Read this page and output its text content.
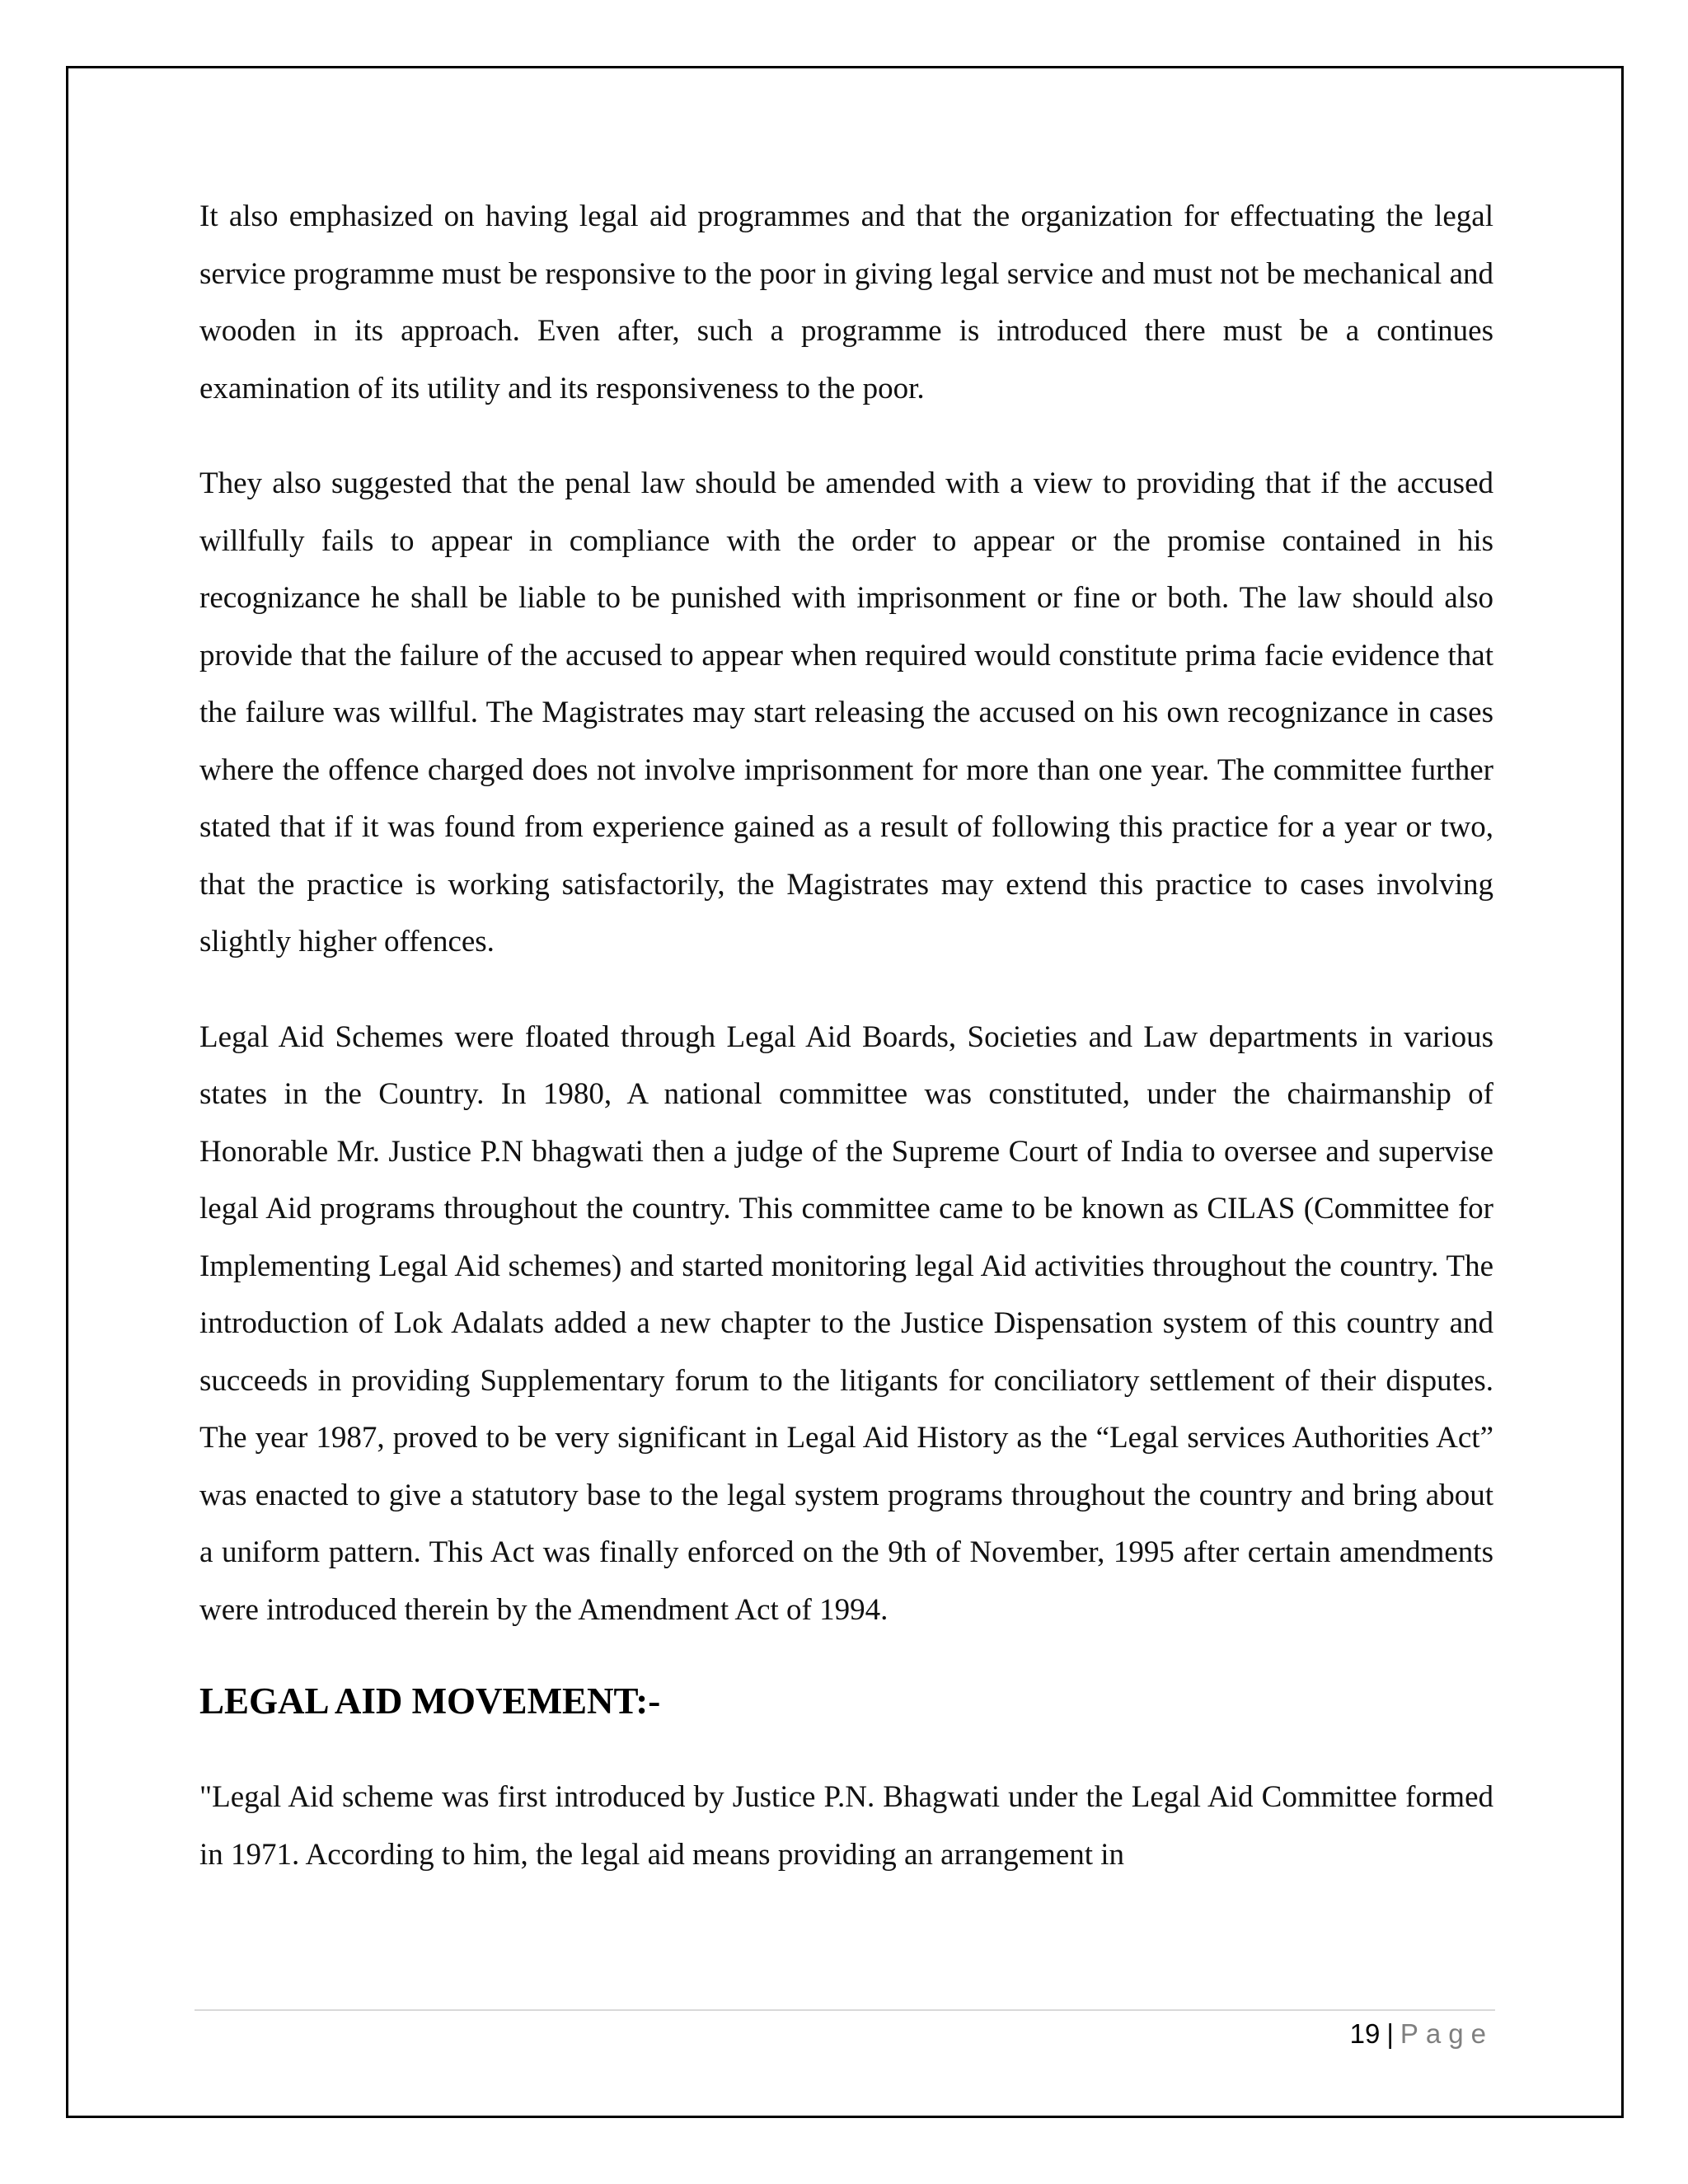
It also emphasized on having legal aid programmes and that the organization for effectuating the legal service programme must be responsive to the poor in giving legal service and must not be mechanical and wooden in its approach. Even after, such a programme is introduced there must be a continues examination of its utility and its responsiveness to the poor.

They also suggested that the penal law should be amended with a view to providing that if the accused willfully fails to appear in compliance with the order to appear or the promise contained in his recognizance he shall be liable to be punished with imprisonment or fine or both. The law should also provide that the failure of the accused to appear when required would constitute prima facie evidence that the failure was willful. The Magistrates may start releasing the accused on his own recognizance in cases where the offence charged does not involve imprisonment for more than one year. The committee further stated that if it was found from experience gained as a result of following this practice for a year or two, that the practice is working satisfactorily, the Magistrates may extend this practice to cases involving slightly higher offences.

Legal Aid Schemes were floated through Legal Aid Boards, Societies and Law departments in various states in the Country. In 1980, A national committee was constituted, under the chairmanship of Honorable Mr. Justice P.N bhagwati then a judge of the Supreme Court of India to oversee and supervise legal Aid programs throughout the country. This committee came to be known as CILAS (Committee for Implementing Legal Aid schemes) and started monitoring legal Aid activities throughout the country. The introduction of Lok Adalats added a new chapter to the Justice Dispensation system of this country and succeeds in providing Supplementary forum to the litigants for conciliatory settlement of their disputes. The year 1987, proved to be very significant in Legal Aid History as the “Legal services Authorities Act” was enacted to give a statutory base to the legal system programs throughout the country and bring about a uniform pattern. This Act was finally enforced on the 9th of November, 1995 after certain amendments were introduced therein by the Amendment Act of 1994.

LEGAL AID MOVEMENT:-

"Legal Aid scheme was first introduced by Justice P.N. Bhagwati under the Legal Aid Committee formed in 1971. According to him, the legal aid means providing an arrangement in

19 | Page
